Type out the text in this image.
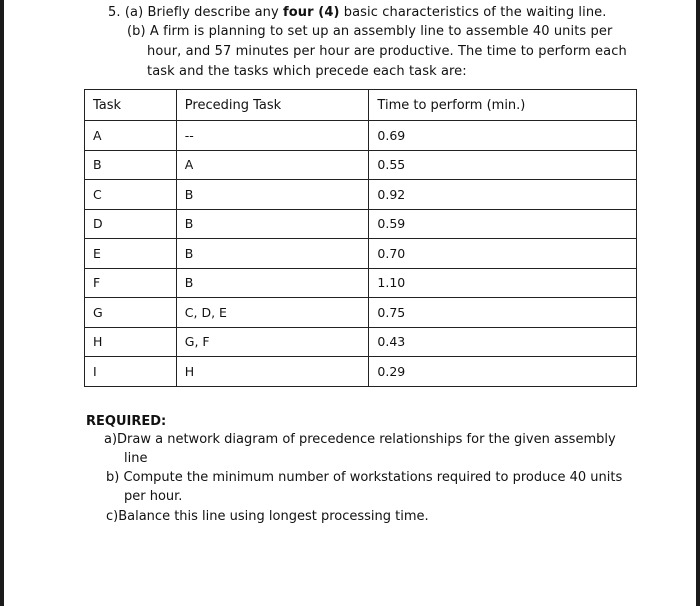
5. (a) Briefly describe any four (4) basic characteristics of the waiting line.
(b) A firm is planning to set up an assembly line to assemble 40 units per
hour, and 57 minutes per hour are productive. The time to perform each
task and the tasks which precede each task are:
Task	Preceding Task	Time to perform (min.)
A	--	0.69
B	A	0.55
C	B	0.92
D	B	0.59
E	B	0.70
F	B	1.10
G	C, D, E	0.75
H	G, F	0.43
I	H	0.29
REQUIRED:
a)Draw a network diagram of precedence relationships for the given assembly
line
b) Compute the minimum number of workstations required to produce 40 units
per hour.
c)Balance this line using longest processing time.
